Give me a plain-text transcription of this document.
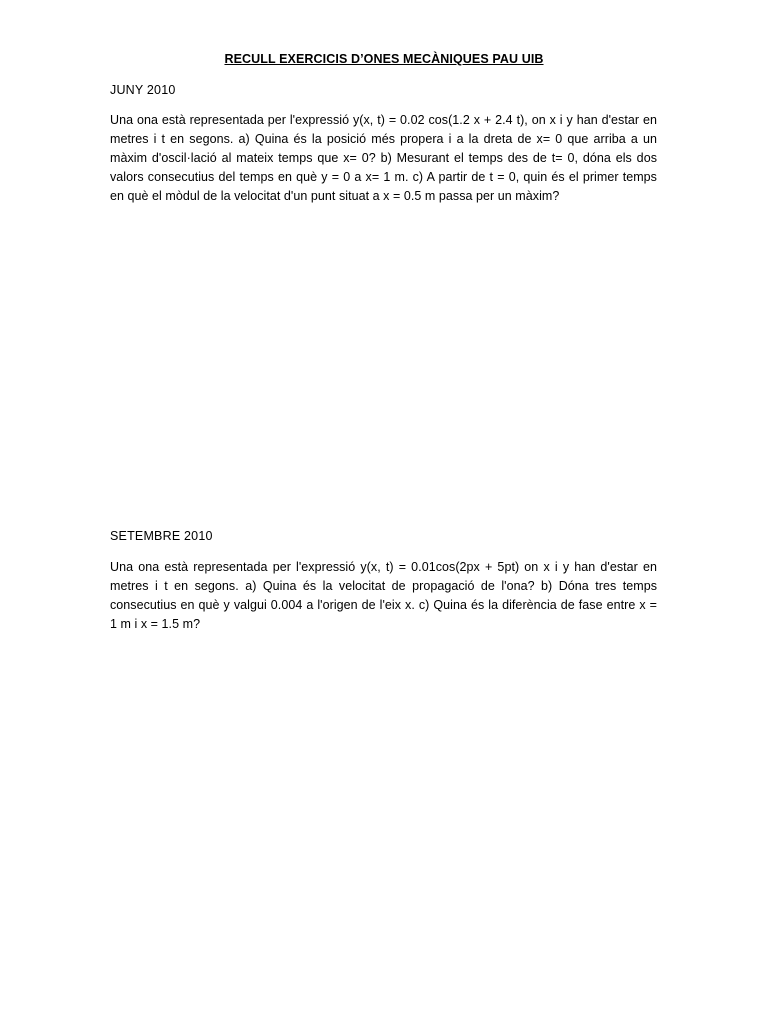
RECULL EXERCICIS D’ONES MECÀNIQUES PAU UIB
JUNY 2010
Una ona està representada per l'expressió y(x, t) = 0.02 cos(1.2 x + 2.4 t), on x i y han d'estar en metres i t en segons. a) Quina és la posició més propera i a la dreta de x= 0 que arriba a un màxim d'oscil·lació al mateix temps que x= 0? b) Mesurant el temps des de t= 0, dóna els dos valors consecutius del temps en què y = 0 a x= 1 m. c) A partir de t = 0, quin és el primer temps en què el mòdul de la velocitat d'un punt situat a x = 0.5 m passa per un màxim?
SETEMBRE 2010
Una ona està representada per l'expressió y(x, t) = 0.01cos(2px + 5pt) on x i y han d'estar en metres i t en segons. a) Quina és la velocitat de propagació de l'ona? b) Dóna tres temps consecutius en què y valgui 0.004 a l'origen de l'eix x. c) Quina és la diferència de fase entre x = 1 m i x = 1.5 m?
